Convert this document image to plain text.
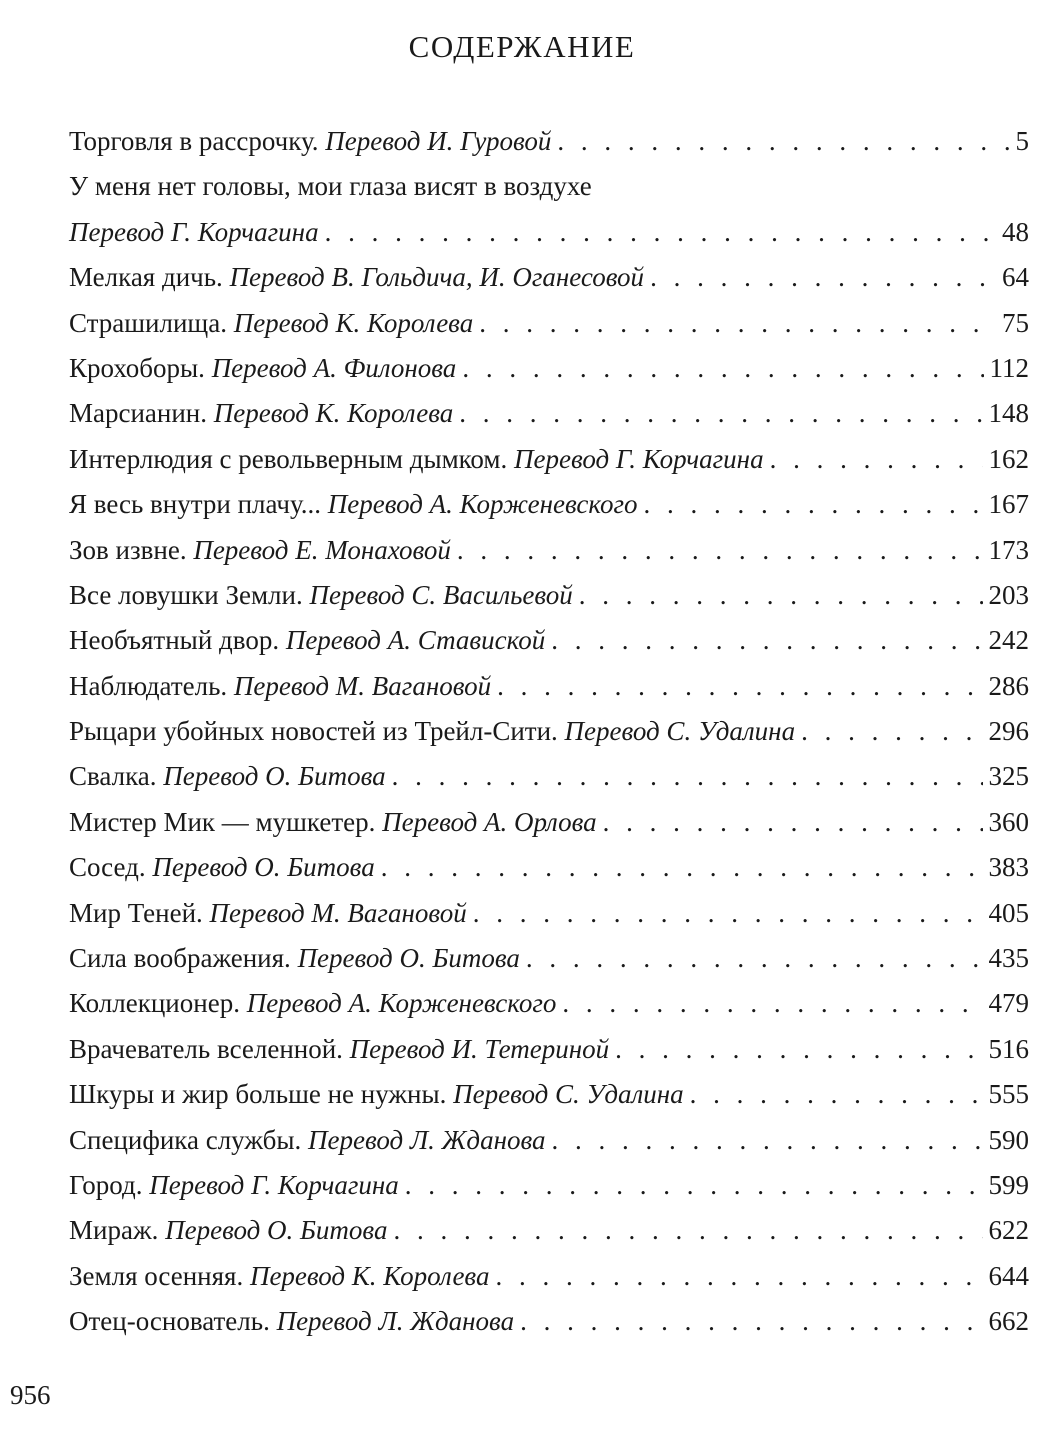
СОДЕРЖАНИЕ
Торговля в рассрочку. Перевод И. Гуровой . . .	5
У меня нет головы, мои глаза висят в воздухе
Перевод Г. Корчагина . . .	48
Мелкая дичь. Перевод В. Гольдича, И. Оганесовой . . .	64
Страшилища. Перевод К. Королева . . .	75
Крохоборы. Перевод А. Филонова . . .	112
Марсианин. Перевод К. Королева . . .	148
Интерлюдия с револьверным дымком. Перевод Г. Корчагина . . .	162
Я весь внутри плачу... Перевод А. Корженевского . . .	167
Зов извне. Перевод Е. Монаховой . . .	173
Все ловушки Земли. Перевод С. Васильевой . . .	203
Необъятный двор. Перевод А. Ставиской . . .	242
Наблюдатель. Перевод М. Вагановой . . .	286
Рыцари убойных новостей из Трейл-Сити. Перевод С. Удалина . . .	296
Свалка. Перевод О. Битова . . .	325
Мистер Мик — мушкетер. Перевод А. Орлова . . .	360
Сосед. Перевод О. Битова . . .	383
Мир Теней. Перевод М. Вагановой . . .	405
Сила воображения. Перевод О. Битова . . .	435
Коллекционер. Перевод А. Корженевского . . .	479
Врачеватель вселенной. Перевод И. Тетериной . . .	516
Шкуры и жир больше не нужны. Перевод С. Удалина . . .	555
Специфика службы. Перевод Л. Жданова . . .	590
Город. Перевод Г. Корчагина . . .	599
Мираж. Перевод О. Битова . . .	622
Земля осенняя. Перевод К. Королева . . .	644
Отец-основатель. Перевод Л. Жданова . . .	662
956
